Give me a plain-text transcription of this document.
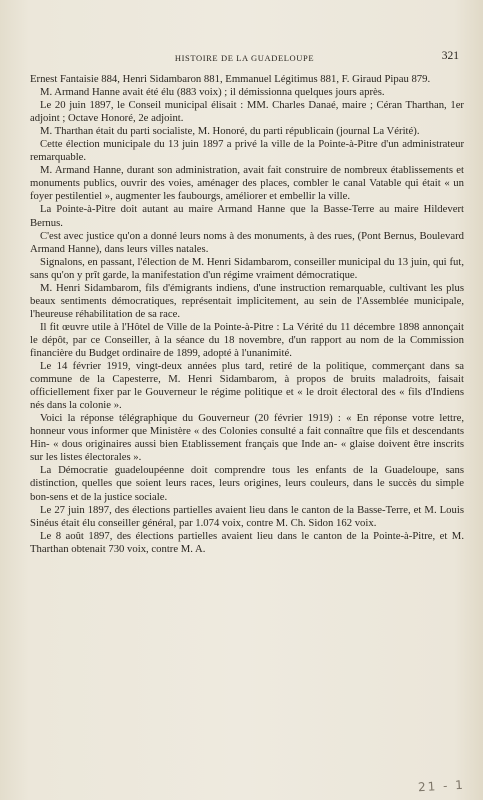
HISTOIRE DE LA GUADELOUPE	321

Ernest Fantaisie 884, Henri Sidambaron 881, Emmanuel Légitimus 881, F. Giraud Pipau 879.

M. Armand Hanne avait été élu (883 voix) ; il démissionna quelques jours après.

Le 20 juin 1897, le Conseil municipal élisait : MM. Charles Danaé, maire ; Céran Tharthan, 1er adjoint ; Octave Honoré, 2e adjoint.

M. Tharthan était du parti socialiste, M. Honoré, du parti républicain (journal La Vérité).

Cette élection municipale du 13 juin 1897 a privé la ville de la Pointe-à-Pitre d'un administrateur remarquable.

M. Armand Hanne, durant son administration, avait fait construire de nombreux établissements et monuments publics, ouvrir des voies, aménager des places, combler le canal Vatable qui était « un foyer pestilentiel », augmenter les faubourgs, améliorer et embellir la ville.

La Pointe-à-Pitre doit autant au maire Armand Hanne que la Basse-Terre au maire Hildevert Bernus.

C'est avec justice qu'on a donné leurs noms à des monuments, à des rues, (Pont Bernus, Boulevard Armand Hanne), dans leurs villes natales.

Signalons, en passant, l'élection de M. Henri Sidambarom, conseiller municipal du 13 juin, qui fut, sans qu'on y prît garde, la manifestation d'un régime vraiment démocratique.

M. Henri Sidambarom, fils d'émigrants indiens, d'une instruction remarquable, cultivant les plus beaux sentiments démocratiques, représentait implicitement, au sein de l'Assemblée municipale, l'heureuse réhabilitation de sa race.

Il fit œuvre utile à l'Hôtel de Ville de la Pointe-à-Pitre : La Vérité du 11 décembre 1898 annonçait le dépôt, par ce Conseiller, à la séance du 18 novembre, d'un rapport au nom de la Commission financière du Budget ordinaire de 1899, adopté à l'unanimité.

Le 14 février 1919, vingt-deux années plus tard, retiré de la politique, commerçant dans sa commune de la Capesterre, M. Henri Sidambarom, à propos de bruits maladroits, faisait officiellement fixer par le Gouverneur le régime politique et « le droit électoral des « fils d'Indiens nés dans la colonie ».

Voici la réponse télégraphique du Gouverneur (20 février 1919) : « En réponse votre lettre, honneur vous informer que Ministère « des Colonies consulté a fait connaître que fils et descendants Hin- « dous originaires aussi bien Etablissement français que Inde an- « glaise doivent être inscrits sur les listes électorales ».

La Démocratie guadeloupéenne doit comprendre tous les enfants de la Guadeloupe, sans distinction, quelles que soient leurs races, leurs origines, leurs couleurs, dans le succès du simple bon-sens et de la justice sociale.

Le 27 juin 1897, des élections partielles avaient lieu dans le canton de la Basse-Terre, et M. Louis Sinéus était élu conseiller général, par 1.074 voix, contre M. Ch. Sidon 162 voix.

Le 8 août 1897, des élections partielles avaient lieu dans le canton de la Pointe-à-Pitre, et M. Tharthan obtenait 730 voix, contre M. A.

21 - 1
